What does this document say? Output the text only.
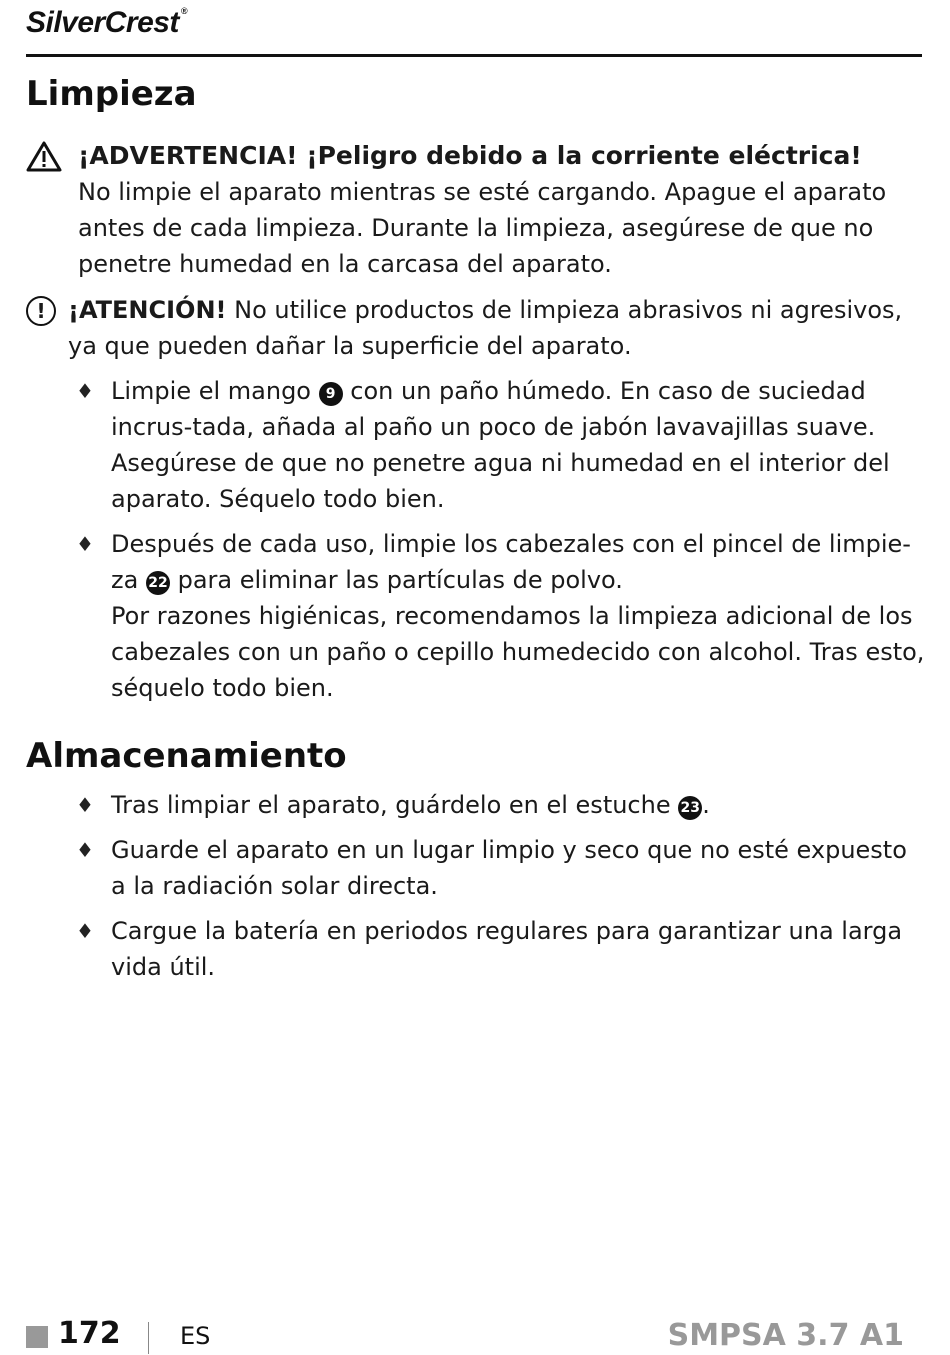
SilverCrest ®
Limpieza
¡ADVERTENCIA! ¡Peligro debido a la corriente eléctrica!
No limpie el aparato mientras se esté cargando. Apague el aparato antes de cada limpieza. Durante la limpieza, asegúrese de que no penetre humedad en la carcasa del aparato.
! ¡ATENCIÓN! No utilice productos de limpieza abrasivos ni agresivos, ya que pueden dañar la superficie del aparato.
♦ Limpie el mango 9 con un paño húmedo. En caso de suciedad incrus-tada, añada al paño un poco de jabón lavavajillas suave. Asegúrese de que no penetre agua ni humedad en el interior del aparato. Séquelo todo bien.
♦ Después de cada uso, limpie los cabezales con el pincel de limpie-za 22 para eliminar las partículas de polvo.
Por razones higiénicas, recomendamos la limpieza adicional de los cabezales con un paño o cepillo humedecido con alcohol. Tras esto, séquelo todo bien.
Almacenamiento
♦ Tras limpiar el aparato, guárdelo en el estuche 23.
♦ Guarde el aparato en un lugar limpio y seco que no esté expuesto a la radiación solar directa.
♦ Cargue la batería en periodos regulares para garantizar una larga vida útil.
172 ES	SMPSA 3.7 A1
